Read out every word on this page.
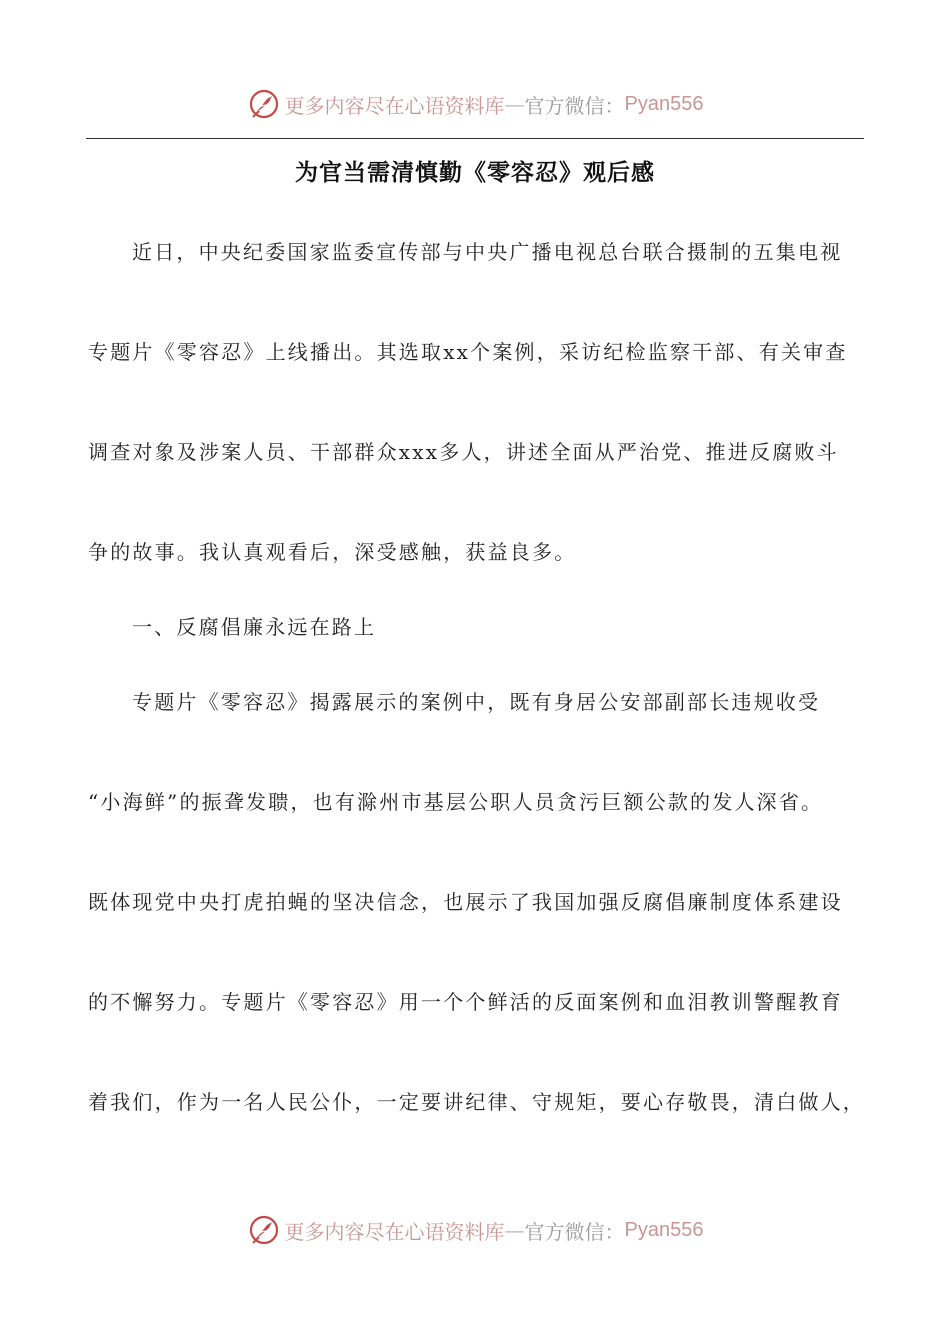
更多内容尽在心语资料库 — 官方微信： Pyan556
为官当需清慎勤《零容忍》观后感
近日，中央纪委国家监委宣传部与中央广播电视总台联合摄制的五集电视
专题片《零容忍》上线播出。其选取xx个案例，采访纪检监察干部、有关审查
调查对象及涉案人员、干部群众xxx多人，讲述全面从严治党、推进反腐败斗
争的故事。我认真观看后，深受感触，获益良多。
一、反腐倡廉永远在路上
专题片《零容忍》揭露展示的案例中，既有身居公安部副部长违规收受
“小海鲜”的振聋发聩，也有滁州市基层公职人员贪污巨额公款的发人深省。
既体现党中央打虎拍蝇的坚决信念，也展示了我国加强反腐倡廉制度体系建设
的不懈努力。专题片《零容忍》用一个个鲜活的反面案例和血泪教训警醒教育
着我们，作为一名人民公仆，一定要讲纪律、守规矩，要心存敬畏，清白做人，
更多内容尽在心语资料库 — 官方微信： Pyan556
